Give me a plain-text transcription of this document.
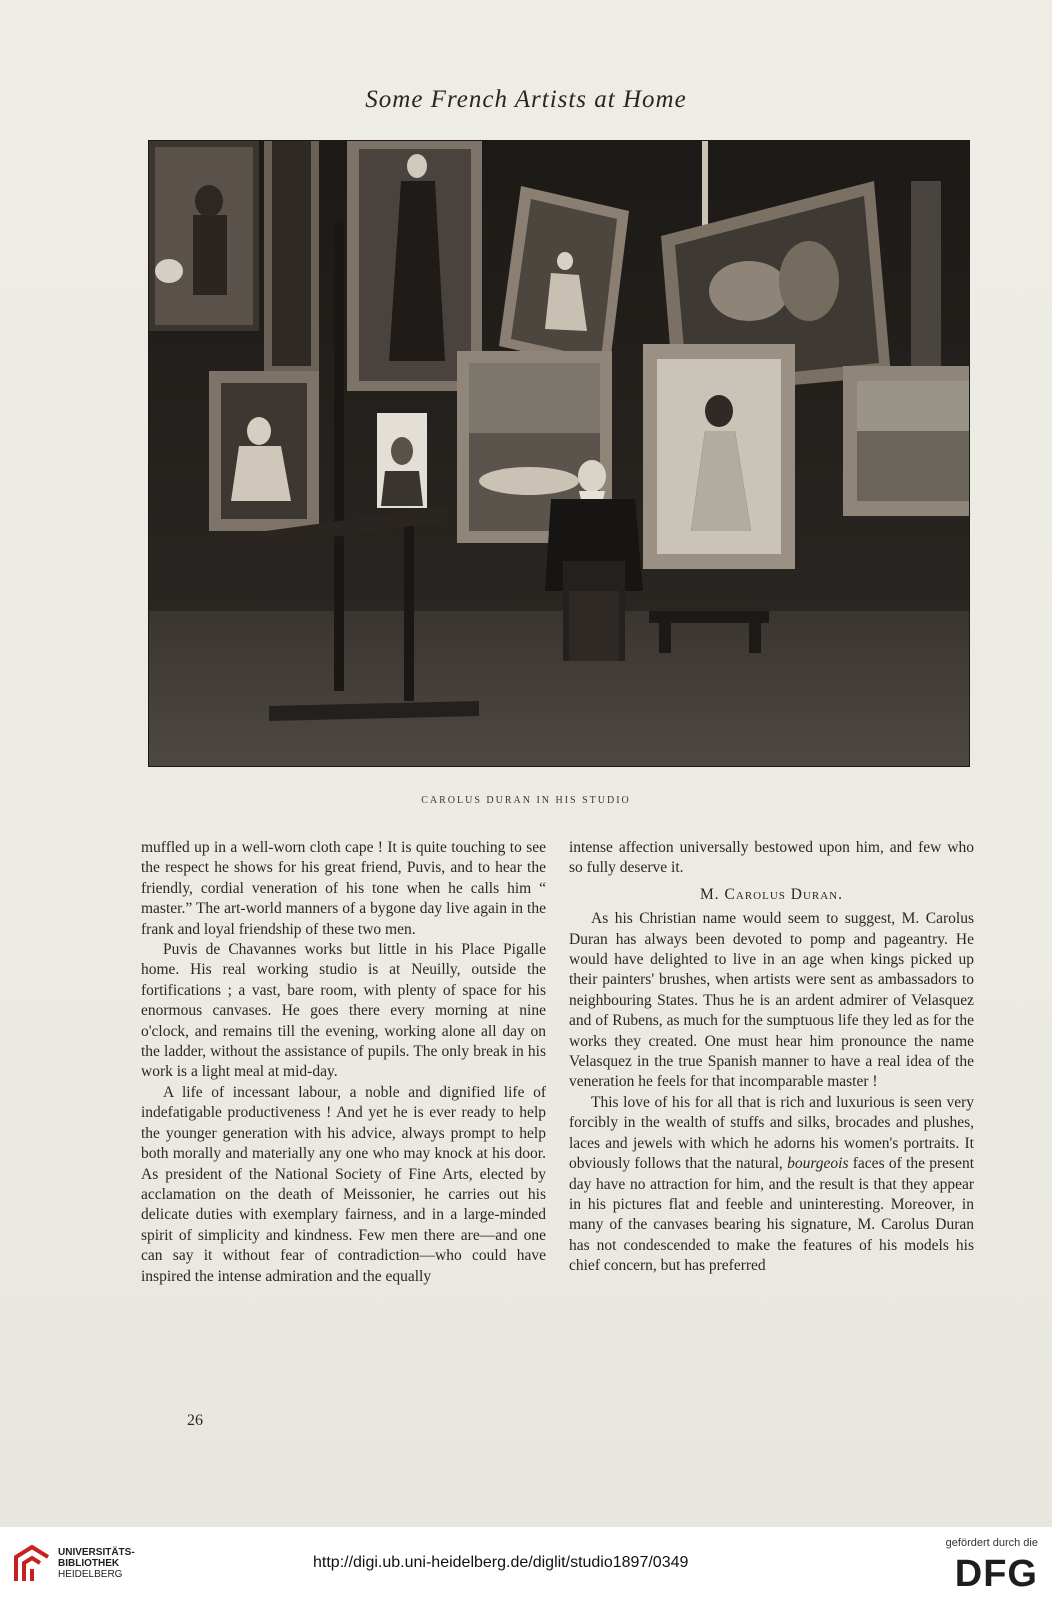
Some French Artists at Home
CAROLUS DURAN IN HIS STUDIO

muffled up in a well-worn cloth cape ! It is quite touching to see the respect he shows for his great friend, Puvis, and to hear the friendly, cordial veneration of his tone when he calls him “ master.” The art-world manners of a bygone day live again in the frank and loyal friendship of these two men.

Puvis de Chavannes works but little in his Place Pigalle home. His real working studio is at Neuilly, outside the fortifications ; a vast, bare room, with plenty of space for his enormous canvases. He goes there every morning at nine o'clock, and remains till the evening, working alone all day on the ladder, without the assistance of pupils. The only break in his work is a light meal at mid-day.

A life of incessant labour, a noble and dignified life of indefatigable productiveness ! And yet he is ever ready to help the younger generation with his advice, always prompt to help both morally and materially any one who may knock at his door. As president of the National Society of Fine Arts, elected by acclamation on the death of Meissonier, he carries out his delicate duties with exemplary fairness, and in a large-minded spirit of simplicity and kindness. Few men there are—and one can say it without fear of contradiction—who could have inspired the intense admiration and the equally

intense affection universally bestowed upon him, and few who so fully deserve it.

M. Carolus Duran.

As his Christian name would seem to suggest, M. Carolus Duran has always been devoted to pomp and pageantry. He would have delighted to live in an age when kings picked up their painters' brushes, when artists were sent as ambassadors to neighbouring States. Thus he is an ardent admirer of Velasquez and of Rubens, as much for the sumptuous life they led as for the works they created. One must hear him pronounce the name Velasquez in the true Spanish manner to have a real idea of the veneration he feels for that incomparable master !

This love of his for all that is rich and luxurious is seen very forcibly in the wealth of stuffs and silks, brocades and plushes, laces and jewels with which he adorns his women's portraits. It obviously follows that the natural, bourgeois faces of the present day have no attraction for him, and the result is that they appear in his pictures flat and feeble and uninteresting. Moreover, in many of the canvases bearing his signature, M. Carolus Duran has not condescended to make the features of his models his chief concern, but has preferred

26
UNIVERSITÄTS-
BIBLIOTHEK
HEIDELBERG
http://digi.ub.uni-heidelberg.de/diglit/studio1897/0349
gefördert durch die
DFG
